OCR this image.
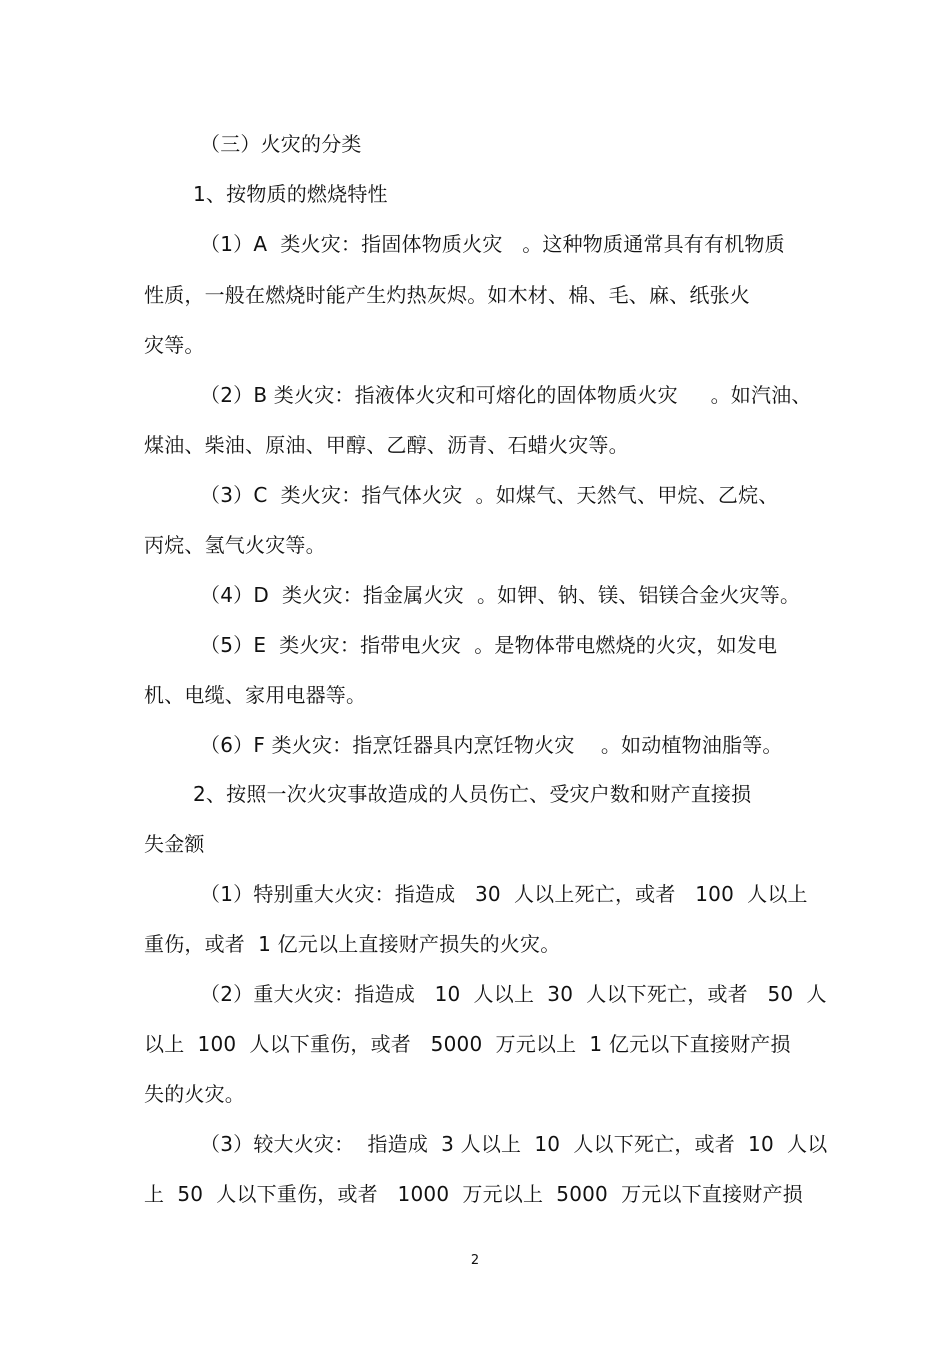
（三）火灾的分类
1、按物质的燃烧特性
（1）A  类火灾：指固体物质火灾   。这种物质通常具有有机物质
性质，一般在燃烧时能产生灼热灰烬。如木材、棉、毛、麻、纸张火
灾等。
（2）B 类火灾：指液体火灾和可熔化的固体物质火灾     。如汽油、
煤油、柴油、原油、甲醇、乙醇、沥青、石蜡火灾等。
（3）C  类火灾：指气体火灾  。如煤气、天然气、甲烷、乙烷、
丙烷、氢气火灾等。
（4）D  类火灾：指金属火灾  。如钾、钠、镁、铝镁合金火灾等。
（5）E  类火灾：指带电火灾  。是物体带电燃烧的火灾，如发电
机、电缆、家用电器等。
（6）F 类火灾：指烹饪器具内烹饪物火灾    。如动植物油脂等。
2、按照一次火灾事故造成的人员伤亡、受灾户数和财产直接损
失金额
（1）特别重大火灾：指造成   30  人以上死亡，或者   100  人以上
重伤，或者  1 亿元以上直接财产损失的火灾。
（2）重大火灾：指造成   10  人以上  30  人以下死亡，或者   50  人
以上  100  人以下重伤，或者   5000  万元以上  1 亿元以下直接财产损
失的火灾。
（3）较大火灾：  指造成  3 人以上  10  人以下死亡，或者  10  人以
上  50  人以下重伤，或者   1000  万元以上  5000  万元以下直接财产损
2
